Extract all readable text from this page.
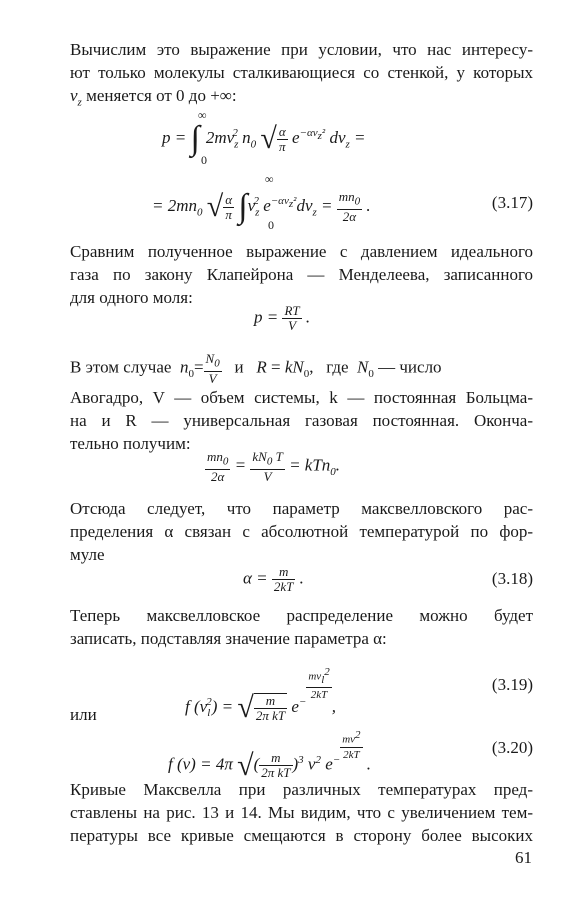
Вычислим это выражение при условии, что нас интересу-
ют только молекулы сталкивающиеся со стенкой, у которых
$v_z$ меняется от 0 до +∞:
p = ∫ $2mv_z^2$ $n_0$ √ $\frac{\alpha}{\pi} e^{-\alpha v_z^2}$ $dv_z$ =
∞
0
= $2mn_0$ √ $\frac{\alpha}{\pi} \int v_z^2$ $e^{-\alpha v_z^2}dv_z = \frac{mn_0}{2\alpha}$ .
∞
0
(3.17)
Сравним полученное выражение с давлением идеального
газа по закону Клапейрона — Менделеева, записанного
для одного моля:
$p = \frac{RT}{V}$ .
В этом случае $n_0= \frac{N_0}{V}$ и $R = kN_0$,   где $N_0$ — число
Авогадро, V — объем системы, k — постоянная Больцма-
на и R — универсальная газовая постоянная. Оконча-
тельно получим:
$\frac{mn_0}{2\alpha} = \frac{kN_0 T}{V} = kTn_0$.
Отсюда следует, что параметр максвелловского рас-
пределения α связан с абсолютной температурой по фор-
муле
$\alpha = \frac{m}{2kT}$ .	(3.18)
Теперь максвелловское распределение можно будет
записать, подставляя значение параметра α:
f $(v_l^2)$ = √ $\frac{m}{\text{2π kT}} e^-$
$\frac{mv_l^2}{2kT}$
,
(3.19)
или
f (v) = 4π √( $\frac{m}{\text{2π kT}} )^3$ $v^2$ $e^- \frac{mv^2}{2kT}$
.
(3.20)
Кривые Максвелла при различных температурах пред-
ставлены на рис. 13 и 14. Мы видим, что с увеличением тем-
пературы все кривые смещаются в сторону более высоких
61
